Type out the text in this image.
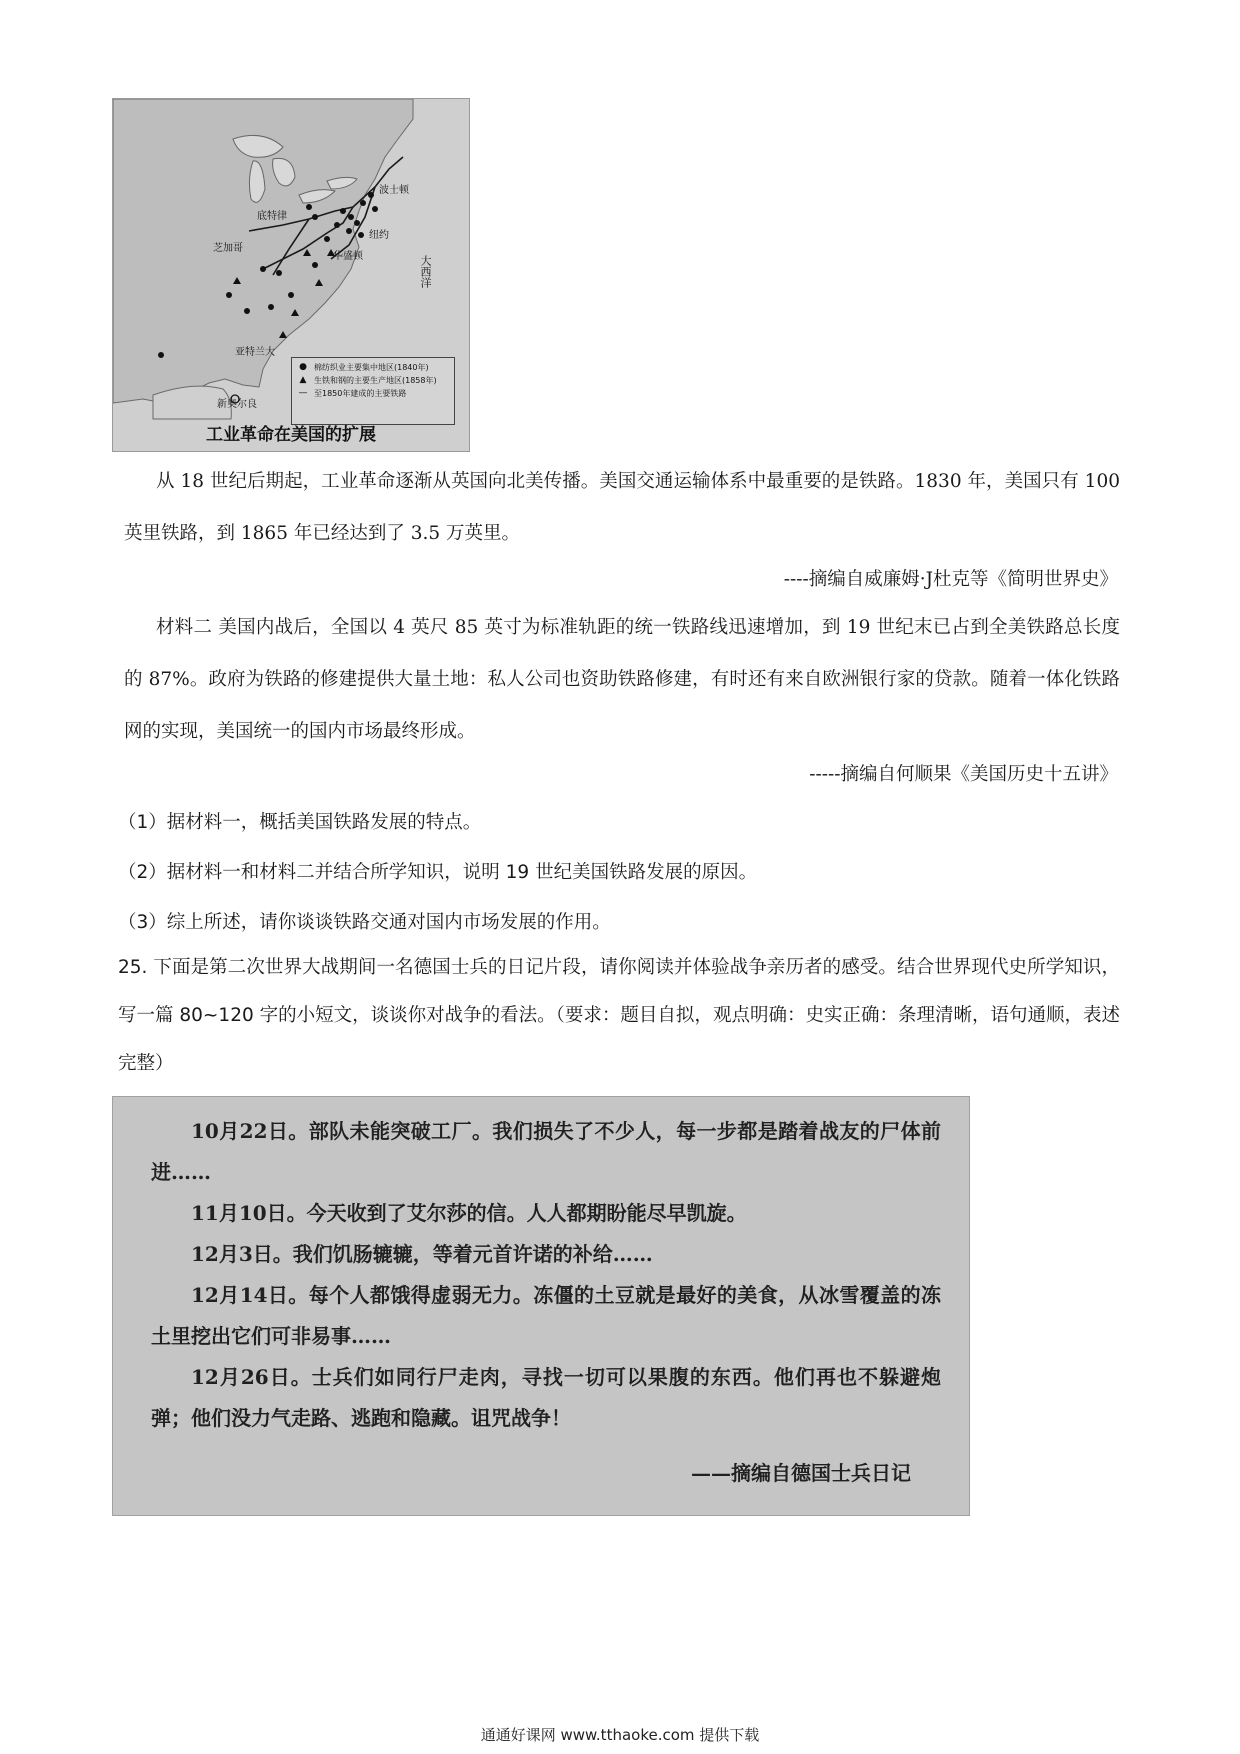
波士顿
底特律
纽约
芝加哥
华盛顿
亚特兰大
新奥尔良
大西洋
● 棉纺织业主要集中地区(1840年)
▲ 生铁和钢的主要生产地区(1858年)
— 至1850年建成的主要铁路
工业革命在美国的扩展
从 18 世纪后期起，工业革命逐渐从英国向北美传播。美国交通运输体系中最重要的是铁路。1830 年，美国只有 100 英里铁路，到 1865 年已经达到了 3.5 万英里。
----摘编自威廉姆·J杜克等《简明世界史》
材料二 美国内战后，全国以 4 英尺 85 英寸为标准轨距的统一铁路线迅速增加，到 19 世纪末已占到全美铁路总长度的 87%。政府为铁路的修建提供大量土地：私人公司也资助铁路修建，有时还有来自欧洲银行家的贷款。随着一体化铁路网的实现，美国统一的国内市场最终形成。
-----摘编自何顺果《美国历史十五讲》
（1）据材料一，概括美国铁路发展的特点。
（2）据材料一和材料二并结合所学知识，说明 19 世纪美国铁路发展的原因。
（3）综上所述，请你谈谈铁路交通对国内市场发展的作用。
25. 下面是第二次世界大战期间一名德国士兵的日记片段，请你阅读并体验战争亲历者的感受。结合世界现代史所学知识，写一篇 80~120 字的小短文，谈谈你对战争的看法。（要求：题目自拟，观点明确：史实正确：条理清晰，语句通顺，表述完整）
10月22日。部队未能突破工厂。我们损失了不少人，每一步都是踏着战友的尸体前进……
11月10日。今天收到了艾尔莎的信。人人都期盼能尽早凯旋。
12月3日。我们饥肠辘辘，等着元首许诺的补给……
12月14日。每个人都饿得虚弱无力。冻僵的土豆就是最好的美食，从冰雪覆盖的冻土里挖出它们可非易事……
12月26日。士兵们如同行尸走肉，寻找一切可以果腹的东西。他们再也不躲避炮弹；他们没力气走路、逃跑和隐藏。诅咒战争！
——摘编自德国士兵日记
通通好课网 www.tthaoke.com 提供下载
